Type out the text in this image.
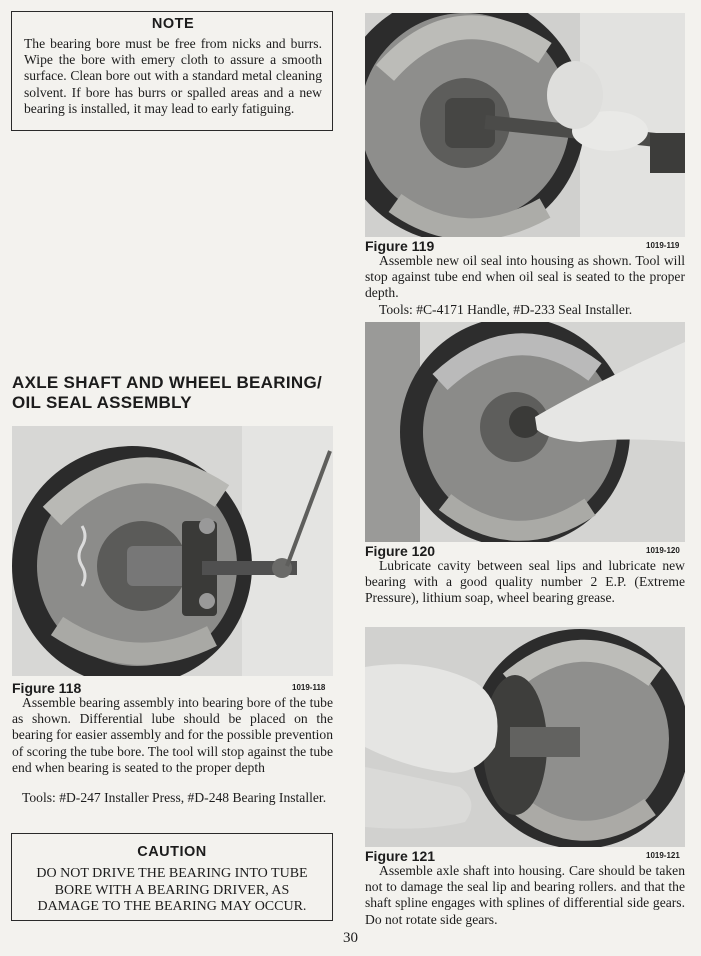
NOTE
The bearing bore must be free from nicks and burrs. Wipe the bore with emery cloth to assure a smooth surface. Clean bore out with a standard metal cleaning solvent. If bore has burrs or spalled areas and a new bearing is installed, it may lead to early fatiguing.
AXLE SHAFT AND WHEEL BEARING/
OIL SEAL ASSEMBLY
Figure 118	1019-118
Assemble bearing assembly into bearing bore of the tube as shown. Differential lube should be placed on the bearing for easier assembly and for the possible prevention of scoring the tube bore. The tool will stop against the tube end when bearing is seated to the proper depth
Tools: #D-247 Installer Press, #D-248 Bearing Installer.
CAUTION
DO NOT DRIVE THE BEARING INTO TUBE BORE WITH A BEARING DRIVER, AS DAMAGE TO THE BEARING MAY OCCUR.
Figure 119	1019-119
Assemble new oil seal into housing as shown. Tool will stop against tube end when oil seal is seated to the proper depth.
Tools: #C-4171 Handle, #D-233 Seal Installer.
Figure 120	1019-120
Lubricate cavity between seal lips and lubricate new bearing with a good quality number 2 E.P. (Extreme Pressure), lithium soap, wheel bearing grease.
Figure 121	1019-121
Assemble axle shaft into housing. Care should be taken not to damage the seal lip and bearing rollers. and that the shaft spline engages with splines of differential side gears. Do not rotate side gears.
30
